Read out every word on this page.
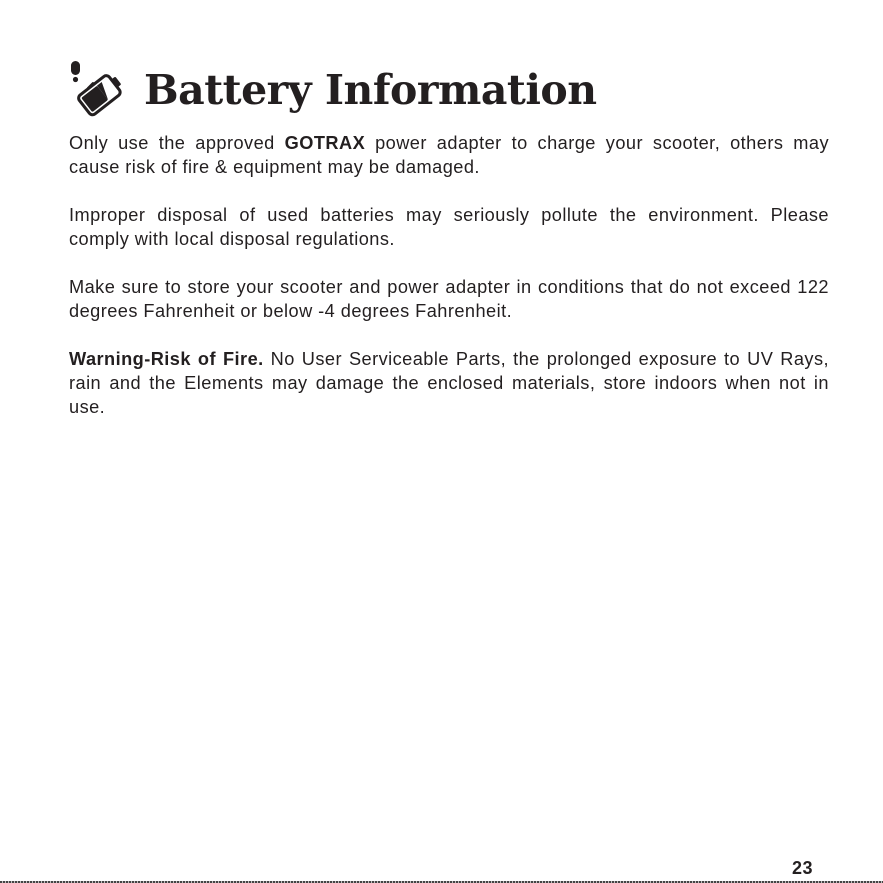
Battery Information

Only use the approved GOTRAX power adapter to charge your scooter, others may cause risk of fire & equipment may be damaged.

Improper disposal of used batteries may seriously pollute the environment. Please comply with local disposal regulations.

Make sure to store your scooter and power adapter in conditions that do not exceed 122 degrees Fahrenheit or below -4 degrees Fahrenheit.

Warning-Risk of Fire. No User Serviceable Parts, the prolonged exposure to UV Rays, rain and the Elements may damage the enclosed materials, store indoors when not in use.

23
